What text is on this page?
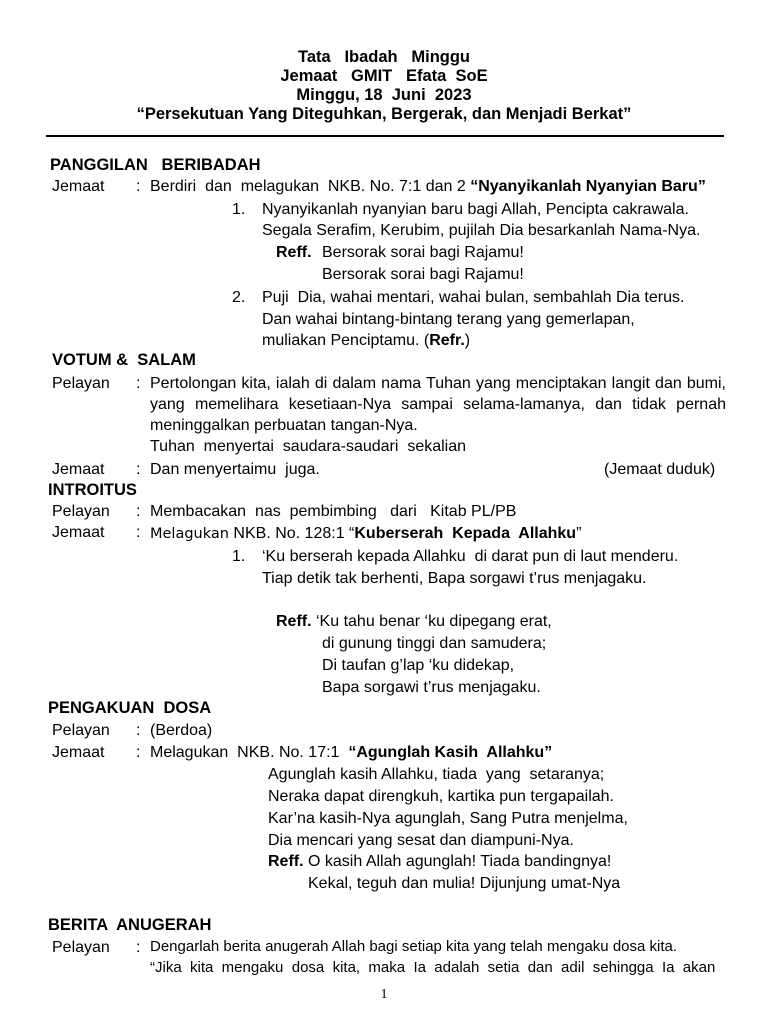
Tata   Ibadah   Minggu
Jemaat   GMIT   Efata  SoE
Minggu, 18  Juni  2023
“Persekutuan Yang Diteguhkan, Bergerak, dan Menjadi Berkat”
PANGGILAN   BERIBADAH
Jemaat : Berdiri  dan  melagukan  NKB. No. 7:1 dan 2 “Nyanyikanlah Nyanyian Baru”
1. Nyanyikanlah nyanyian baru bagi Allah, Pencipta cakrawala.
Segala Serafim, Kerubim, pujilah Dia besarkanlah Nama-Nya.
Reff. Bersorak sorai bagi Rajamu!
Bersorak sorai bagi Rajamu!
2. Puji  Dia, wahai mentari, wahai bulan, sembahlah Dia terus.
Dan wahai bintang-bintang terang yang gemerlapan,
muliakan Penciptamu. (Refr.)
VOTUM &  SALAM
Pelayan : Pertolongan kita, ialah di dalam nama Tuhan yang menciptakan langit dan bumi, yang memelihara kesetiaan-Nya sampai selama-lamanya, dan tidak pernah meninggalkan perbuatan tangan-Nya.
Tuhan  menyertai  saudara-saudari  sekalian
Jemaat : Dan menyertaimu  juga.	(Jemaat duduk)
INTROITUS
Pelayan : Membacakan  nas  pembimbing   dari   Kitab PL/PB
Jemaat : Melagukan NKB. No. 128:1 “Kuberserah  Kepada  Allahku”
1. ‘Ku berserah kepada Allahku  di darat pun di laut menderu.
Tiap detik tak berhenti, Bapa sorgawi t’rus menjagaku.
Reff. ‘Ku tahu benar ‘ku dipegang erat,
di gunung tinggi dan samudera;
Di taufan g’lap ‘ku didekap,
Bapa sorgawi t’rus menjagaku.
PENGAKUAN  DOSA
Pelayan : (Berdoa)
Jemaat : Melagukan  NKB. No. 17:1  “Agunglah Kasih  Allahku”
Agunglah kasih Allahku, tiada  yang  setaranya;
Neraka dapat direngkuh, kartika pun tergapailah.
Kar’na kasih-Nya agunglah, Sang Putra menjelma,
Dia mencari yang sesat dan diampuni-Nya.
Reff. O kasih Allah agunglah! Tiada bandingnya!
Kekal, teguh dan mulia! Dijunjung umat-Nya
BERITA  ANUGERAH
Pelayan : Dengarlah berita anugerah Allah bagi setiap kita yang telah mengaku dosa kita.
“Jika  kita  mengaku  dosa  kita,  maka  Ia  adalah  setia  dan  adil  sehingga  Ia  akan
1
